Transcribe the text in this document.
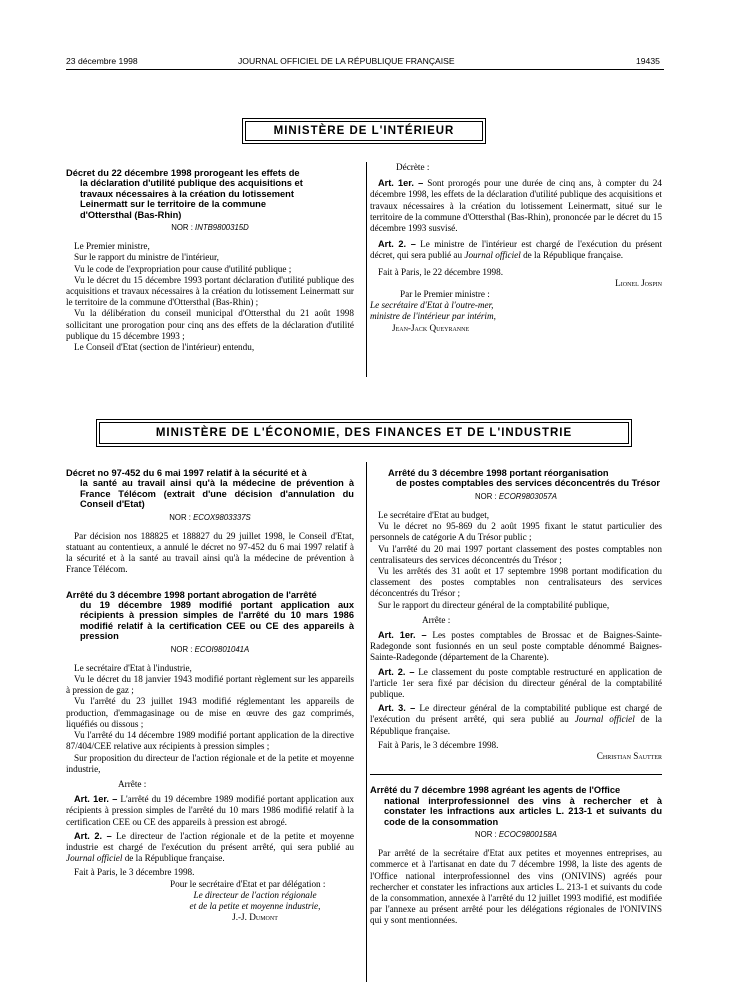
23 décembre 1998	JOURNAL OFFICIEL DE LA RÉPUBLIQUE FRANÇAISE	19435
MINISTÈRE DE L'INTÉRIEUR
Décret du 22 décembre 1998 prorogeant les effets de
la déclaration d'utilité publique des acquisitions et
travaux nécessaires à la création du lotissement
Leinermatt sur le territoire de la commune
d'Ottersthal (Bas-Rhin)
NOR : INTB9800315D

Le Premier ministre,

Sur le rapport du ministre de l'intérieur,

Vu le code de l'expropriation pour cause d'utilité publique ;

Vu le décret du 15 décembre 1993 portant déclaration d'utilité publique des acquisitions et travaux nécessaires à la création du lotissement Leinermatt sur le territoire de la commune d'Ottersthal (Bas-Rhin) ;

Vu la délibération du conseil municipal d'Ottersthal du 21 août 1998 sollicitant une prorogation pour cinq ans des effets de la déclaration d'utilité publique du 15 décembre 1993 ;

Le Conseil d'Etat (section de l'intérieur) entendu,

Décrète :

Art. 1er. – Sont prorogés pour une durée de cinq ans, à compter du 24 décembre 1998, les effets de la déclaration d'utilité publique des acquisitions et travaux nécessaires à la création du lotissement Leinermatt, situé sur le territoire de la commune d'Ottersthal (Bas-Rhin), prononcée par le décret du 15 décembre 1993 susvisé.

Art. 2. – Le ministre de l'intérieur est chargé de l'exécution du présent décret, qui sera publié au Journal officiel de la République française.

Fait à Paris, le 22 décembre 1998.

Lionel Jospin
Par le Premier ministre :
Le secrétaire d'Etat à l'outre-mer,
ministre de l'intérieur par intérim,
Jean-Jack Queyranne
MINISTÈRE DE L'ÉCONOMIE, DES FINANCES ET DE L'INDUSTRIE
Décret no 97-452 du 6 mai 1997 relatif à la sécurité et à
la santé au travail ainsi qu'à la médecine de prévention à France Télécom (extrait d'une décision d'annulation du Conseil d'Etat)
NOR : ECOX9803337S

Par décision nos 188825 et 188827 du 29 juillet 1998, le Conseil d'Etat, statuant au contentieux, a annulé le décret no 97-452 du 6 mai 1997 relatif à la sécurité et à la santé au travail ainsi qu'à la médecine de prévention à France Télécom.

Arrêté du 3 décembre 1998 portant abrogation de l'arrêté
du 19 décembre 1989 modifié portant application aux récipients à pression simples de l'arrêté du 10 mars 1986 modifié relatif à la certification CEE ou CE des appareils à pression
NOR : ECOI9801041A

Le secrétaire d'Etat à l'industrie,

Vu le décret du 18 janvier 1943 modifié portant règlement sur les appareils à pression de gaz ;

Vu l'arrêté du 23 juillet 1943 modifié réglementant les appareils de production, d'emmagasinage ou de mise en œuvre des gaz comprimés, liquéfiés ou dissous ;

Vu l'arrêté du 14 décembre 1989 modifié portant application de la directive 87/404/CEE relative aux récipients à pression simples ;

Sur proposition du directeur de l'action régionale et de la petite et moyenne industrie,

Arrête :

Art. 1er. – L'arrêté du 19 décembre 1989 modifié portant application aux récipients à pression simples de l'arrêté du 10 mars 1986 modifié relatif à la certification CEE ou CE des appareils à pression est abrogé.

Art. 2. – Le directeur de l'action régionale et de la petite et moyenne industrie est chargé de l'exécution du présent arrêté, qui sera publié au Journal officiel de la République française.

Fait à Paris, le 3 décembre 1998.

Pour le secrétaire d'Etat et par délégation :
Le directeur de l'action régionale
et de la petite et moyenne industrie,
J.-J. Dumont
Arrêté du 3 décembre 1998 portant réorganisation
de postes comptables des services déconcentrés du Trésor
NOR : ECOR9803057A

Le secrétaire d'Etat au budget,

Vu le décret no 95-869 du 2 août 1995 fixant le statut particulier des personnels de catégorie A du Trésor public ;

Vu l'arrêté du 20 mai 1997 portant classement des postes comptables non centralisateurs des services déconcentrés du Trésor ;

Vu les arrêtés des 31 août et 17 septembre 1998 portant modification du classement des postes comptables non centralisateurs des services déconcentrés du Trésor ;

Sur le rapport du directeur général de la comptabilité publique,

Arrête :

Art. 1er. – Les postes comptables de Brossac et de Baignes-Sainte-Radegonde sont fusionnés en un seul poste comptable dénommé Baignes-Sainte-Radegonde (département de la Charente).

Art. 2. – Le classement du poste comptable restructuré en application de l'article 1er sera fixé par décision du directeur général de la comptabilité publique.

Art. 3. – Le directeur général de la comptabilité publique est chargé de l'exécution du présent arrêté, qui sera publié au Journal officiel de la République française.

Fait à Paris, le 3 décembre 1998.

Christian Sautter
Arrêté du 7 décembre 1998 agréant les agents de l'Office
national interprofessionnel des vins à rechercher et à constater les infractions aux articles L. 213-1 et suivants du code de la consommation
NOR : ECOC9800158A

Par arrêté de la secrétaire d'Etat aux petites et moyennes entreprises, au commerce et à l'artisanat en date du 7 décembre 1998, la liste des agents de l'Office national interprofessionnel des vins (ONIVINS) agréés pour rechercher et constater les infractions aux articles L. 213-1 et suivants du code de la consommation, annexée à l'arrêté du 12 juillet 1993 modifié, est modifiée par l'annexe au présent arrêté pour les délégations régionales de l'ONIVINS qui y sont mentionnées.
